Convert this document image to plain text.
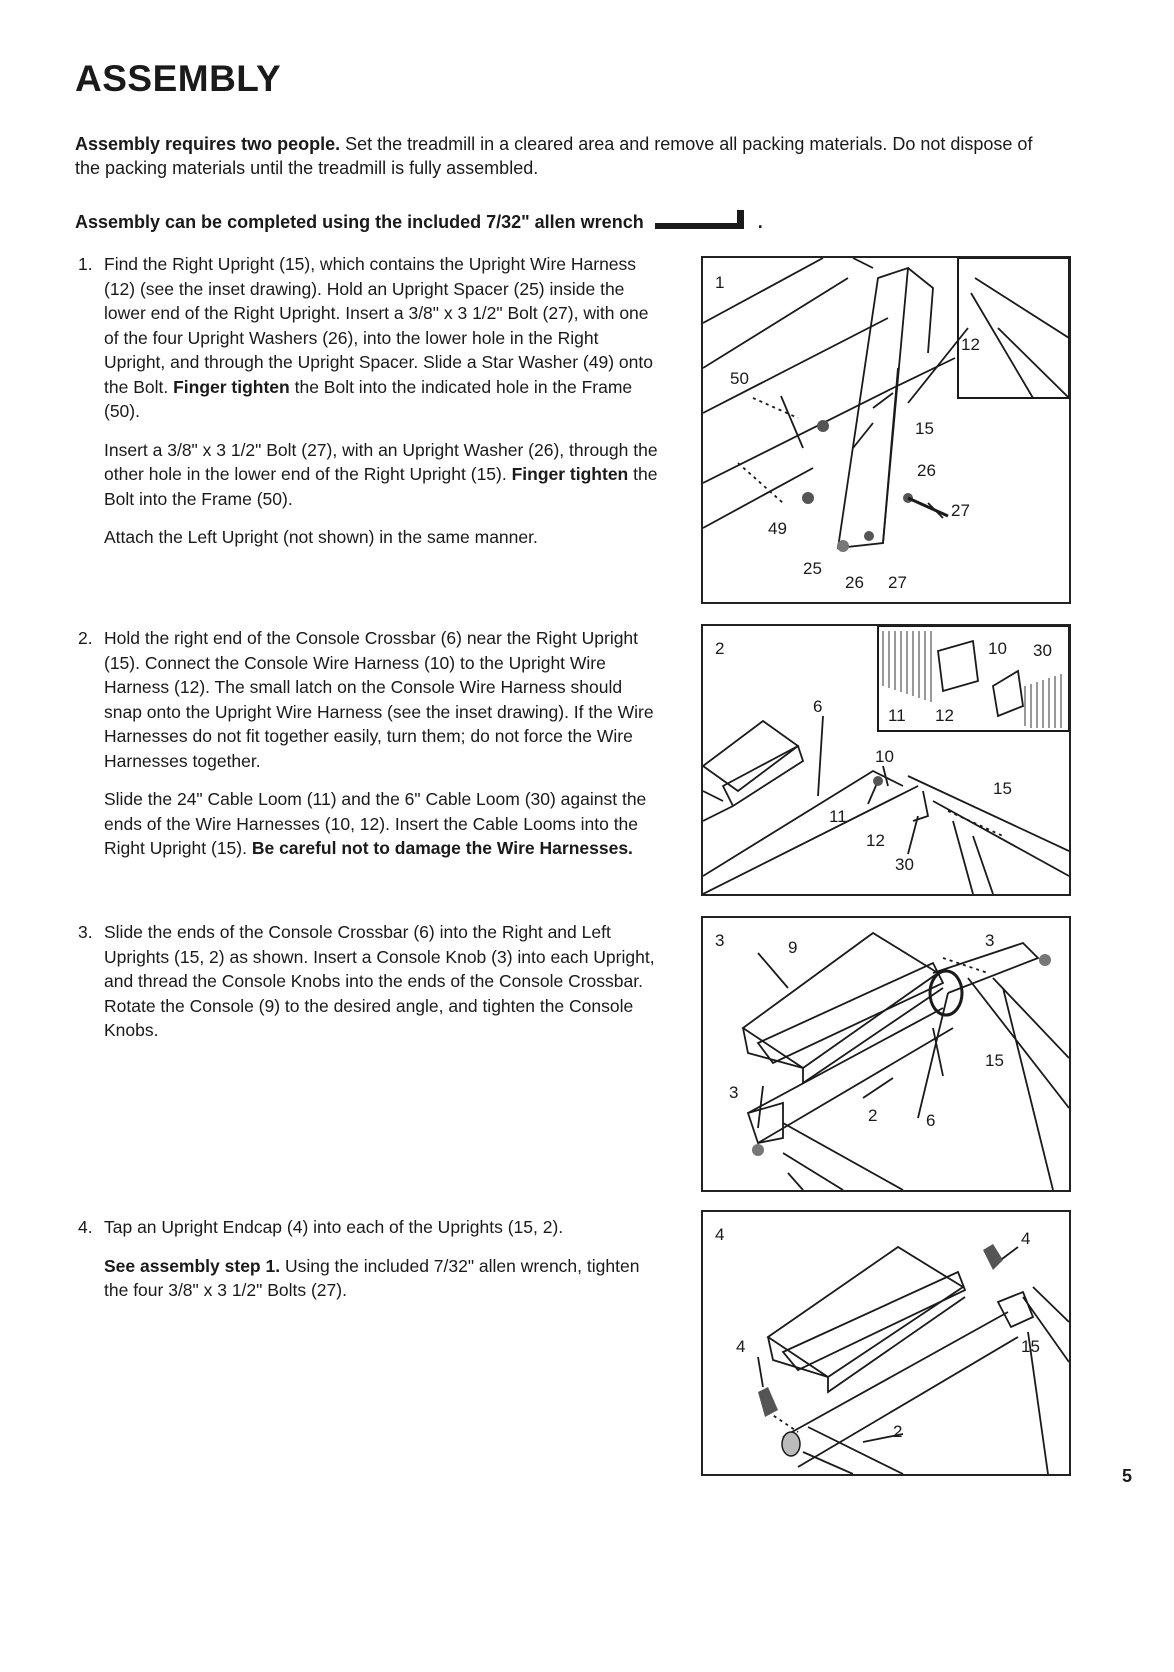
ASSEMBLY
Assembly requires two people. Set the treadmill in a cleared area and remove all packing materials. Do not dispose of the packing materials until the treadmill is fully assembled.
Assembly can be completed using the included 7/32" allen wrench	.
1. Find the Right Upright (15), which contains the Upright Wire Harness (12) (see the inset drawing). Hold an Upright Spacer (25) inside the lower end of the Right Upright. Insert a 3/8" x 3 1/2" Bolt (27), with one of the four Upright Washers (26), into the lower hole in the Right Upright, and through the Upright Spacer. Slide a Star Washer (49) onto the Bolt. Finger tighten the Bolt into the indicated hole in the Frame (50).

Insert a 3/8" x 3 1/2" Bolt (27), with an Upright Washer (26), through the other hole in the lower end of the Right Upright (15). Finger tighten the Bolt into the Frame (50).

Attach the Left Upright (not shown) in the same manner.

2. Hold the right end of the Console Crossbar (6) near the Right Upright (15). Connect the Console Wire Harness (10) to the Upright Wire Harness (12). The small latch on the Console Wire Harness should snap onto the Upright Wire Harness (see the inset drawing). If the Wire Harnesses do not fit together easily, turn them; do not force the Wire Harnesses together.

Slide the 24" Cable Loom (11) and the 6" Cable Loom (30) against the ends of the Wire Harnesses (10, 12). Insert the Cable Looms into the Right Upright (15). Be careful not to damage the Wire Harnesses.

3. Slide the ends of the Console Crossbar (6) into the Right and Left Uprights (15, 2) as shown. Insert a Console Knob (3) into each Upright, and thread the Console Knobs into the ends of the Console Crossbar. Rotate the Console (9) to the desired angle, and tighten the Console Knobs.

4. Tap an Upright Endcap (4) into each of the Uprights (15, 2).

See assembly step 1. Using the included 7/32" allen wrench, tighten the four 3/8" x 3 1/2" Bolts (27).

1
50
12
15
26
27
49
25
26 27
2	10 30
11 12
6
10
15
11
12
30
3	9	3
15
3
2	6
4	4
4	15
2
5
